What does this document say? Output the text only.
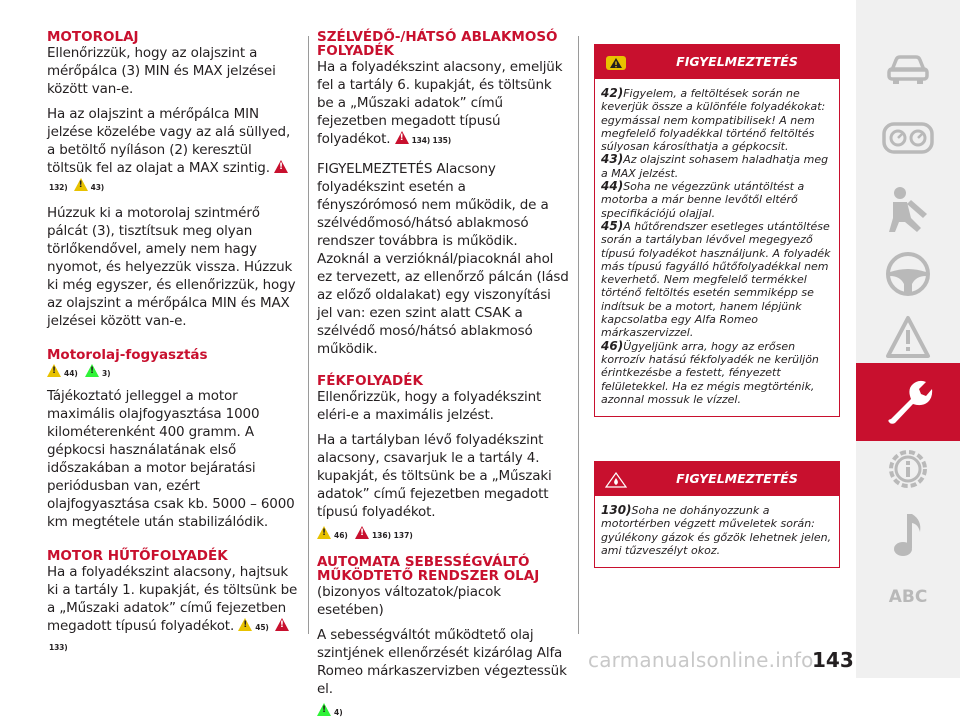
MOTOROLAJ

Ellenőrizzük, hogy az olajszint a mérőpálca (3) MIN és MAX jelzései között van-e.

Ha az olajszint a mérőpálca MIN jelzése közelébe vagy az alá süllyed, a betöltő nyíláson (2) keresztül töltsük fel az olajat a MAX szintig. !132) !	43)

Húzzuk ki a motorolaj szintmérő pálcát (3), tisztítsuk meg olyan törlőkendővel, amely nem hagy nyomot, és helyezzük vissza. Húzzuk ki még egyszer, és ellenőrizzük, hogy az olajszint a mérőpálca MIN és MAX jelzései között van-e.

Motorolaj-fogyasztás
!44) !	3)

Tájékoztató jelleggel a motor maximális olajfogyasztása 1000 kilométerenként 400 gramm. A gépkocsi használatának első időszakában a motor bejáratási periódusban van, ezért olajfogyasztása csak kb. 5000 – 6000 km megtétele után stabilizálódik.

MOTOR HŰTŐFOLYADÉK

Ha a folyadékszint alacsony, hajtsuk ki a tartály 1. kupakját, és töltsünk be a „Műszaki adatok” című fejezetben megadott típusú folyadékot. !	45) !133)

SZÉLVÉDŐ-/HÁTSÓ ABLAKMOSÓ FOLYADÉK

Ha a folyadékszint alacsony, emeljük fel a tartály 6. kupakját, és töltsünk be a „Műszaki adatok” című fejezetben megadott típusú folyadékot. !	134) 135)

FIGYELMEZTETÉS Alacsony folyadékszint esetén a fényszórómosó nem működik, de a szélvédőmosó/hátsó ablakmosó rendszer továbbra is működik. Azoknál a verzióknál/piacoknál ahol ez tervezett, az ellenőrző pálcán (lásd az előző oldalakat) egy viszonyítási jel van: ezen szint alatt CSAK a szélvédő mosó/hátsó ablakmosó működik.

FÉKFOLYADÉK

Ellenőrizzük, hogy a folyadékszint eléri-e a maximális jelzést.

Ha a tartályban lévő folyadékszint alacsony, csavarjuk le a tartály 4. kupakját, és töltsünk be a „Műszaki adatok” című fejezetben megadott típusú folyadékot.

!46) !	136) 137)
AUTOMATA SEBESSÉGVÁLTÓ MŰKÖDTETŐ RENDSZER OLAJ

(bizonyos változatok/piacok esetében)

A sebességváltót működtető olaj szintjének ellenőrzését kizárólag Alfa Romeo márkaszervizben végeztessük el.

!4)
FIGYELMEZTETÉS
42)Figyelem, a feltöltések során ne keverjük össze a különféle folyadékokat: egymással nem kompatibilisek! A nem megfelelő folyadékkal történő feltöltés súlyosan károsíthatja a gépkocsit.
43)Az olajszint sohasem haladhatja meg a MAX jelzést.
44)Soha ne végezzünk utántöltést a motorba a már benne levőtől eltérő specifikációjú olajjal.
45)A hűtőrendszer esetleges utántöltése során a tartályban lévővel megegyező típusú folyadékot használjunk. A folyadék más típusú fagyálló hűtőfolyadékkal nem keverhető. Nem megfelelő termékkel történő feltöltés esetén semmiképp se indítsuk be a motort, hanem lépjünk kapcsolatba egy Alfa Romeo márkaszervizzel.
46)Ügyeljünk arra, hogy az erősen korrozív hatású fékfolyadék ne kerüljön érintkezésbe a festett, fényezett felületekkel. Ha ez mégis megtörténik, azonnal mossuk le vízzel.
FIGYELMEZTETÉS
130)Soha ne dohányozzunk a motortérben végzett műveletek során: gyúlékony gázok és gőzök lehetnek jelen, ami tűzveszélyt okoz.
ABC
carmanualsonline.info
143
